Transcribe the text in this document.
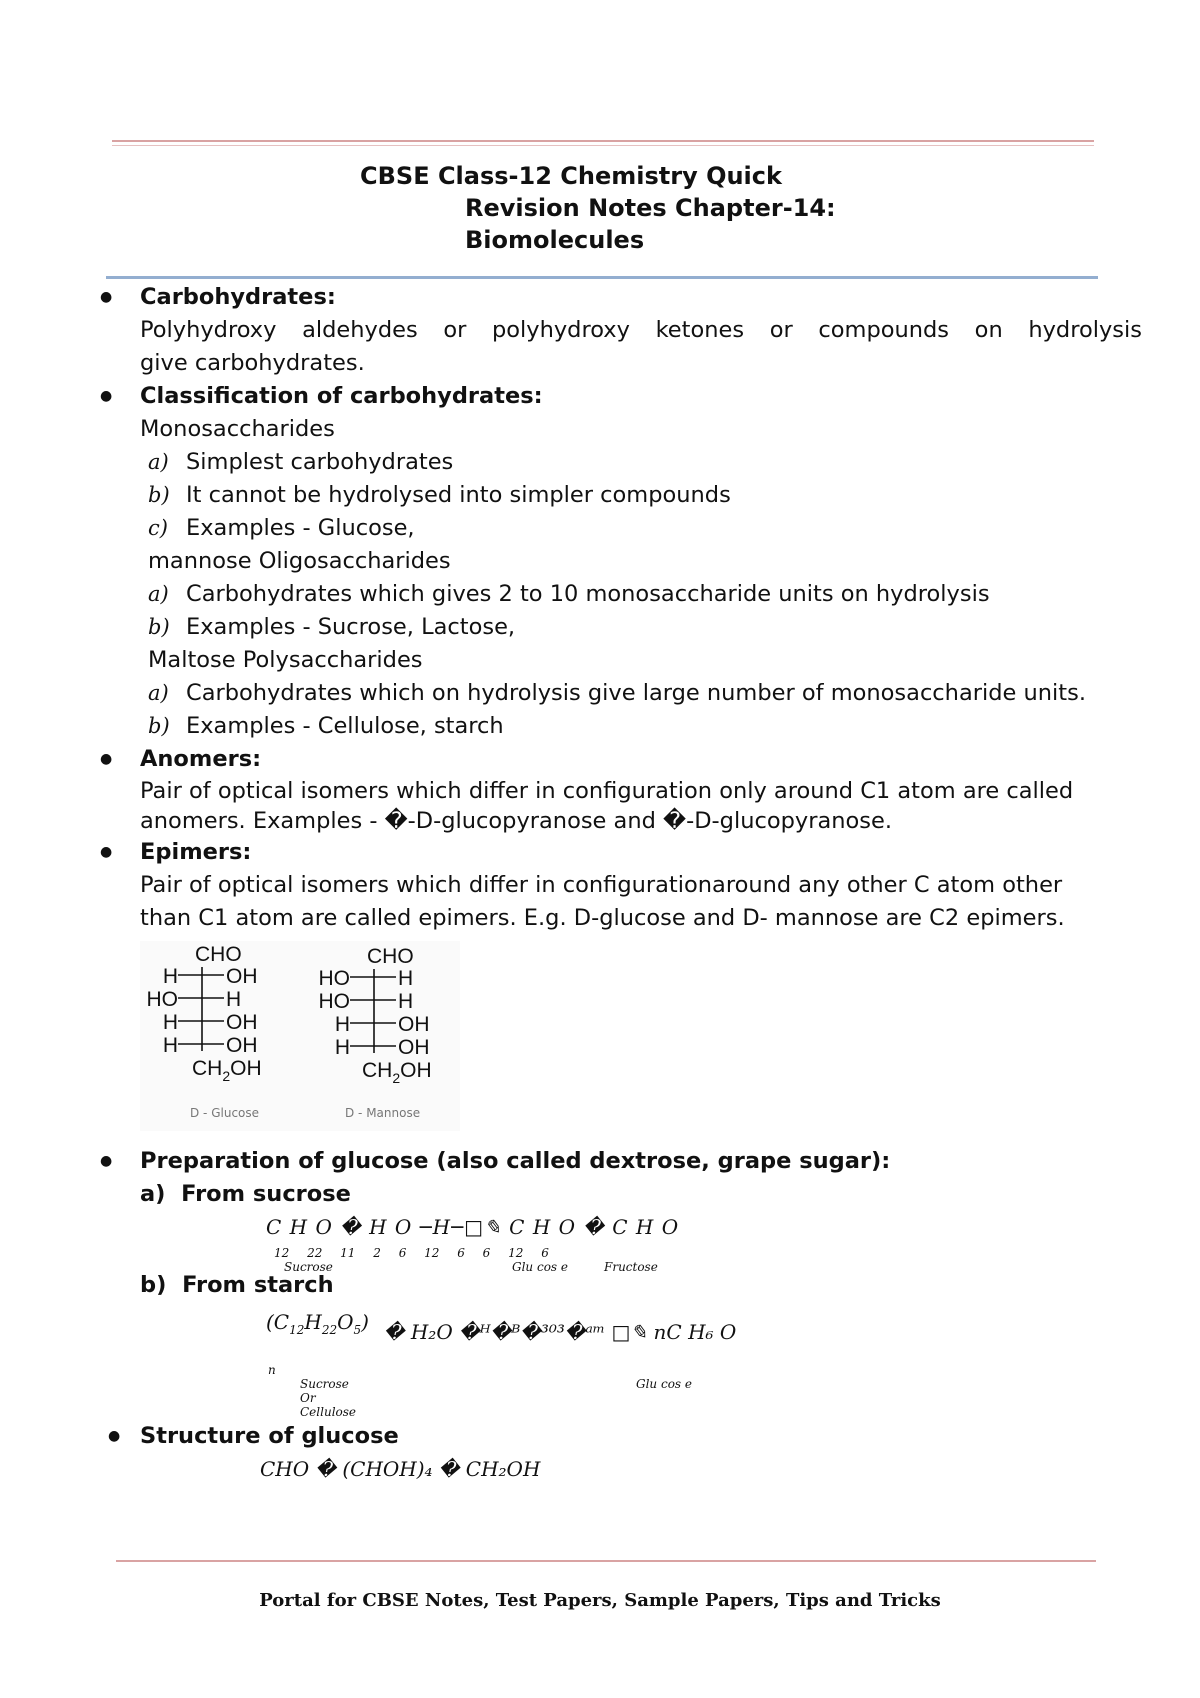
CBSE Class-12 Chemistry Quick
Revision Notes Chapter-14:
Biomolecules
● Carbohydrates:
Polyhydroxy aldehydes or polyhydroxy ketones or compounds on hydrolysis
give carbohydrates.
● Classification of carbohydrates:
Monosaccharides
a) Simplest carbohydrates
b) It cannot be hydrolysed into simpler compounds
c) Examples - Glucose,
mannose Oligosaccharides
a) Carbohydrates which gives 2 to 10 monosaccharide units on hydrolysis
b) Examples - Sucrose, Lactose,
Maltose Polysaccharides
a) Carbohydrates which on hydrolysis give large number of monosaccharide units.
b) Examples - Cellulose, starch
● Anomers:
Pair of optical isomers which differ in configuration only around C1 atom are called
anomers. Examples - �-D-glucopyranose and �-D-glucopyranose.
● Epimers:
Pair of optical isomers which differ in configurationaround any other C atom other
than C1 atom are called epimers. E.g. D-glucose and D- mannose are C2 epimers.
CHO
H OH
HO H
H OH
H OH
$CH_2OH$
D - Glucose
CHO
HO H
HO H
H OH
H OH
$CH_2OH$
D - Mannose
● Preparation of glucose (also called dextrose, grape sugar):
a) From sucrose
C H O � H O ─H─□✎ C H O � C H O
12 22 11 2 6 12 6 6 12 6
Sucrose	Glu cos e	Fructose
b) From starch
$(C_{12}H_{22}O_5)$ � H₂O �ᴴ�ᴮ�³⁰³�ᵃᵐ □✎ nC H₆ O
n
Sucrose
Or
Cellulose
Glu cos e
● Structure of glucose
CHO � (CHOH)₄ � CH₂OH
Portal for CBSE Notes, Test Papers, Sample Papers, Tips and Tricks
